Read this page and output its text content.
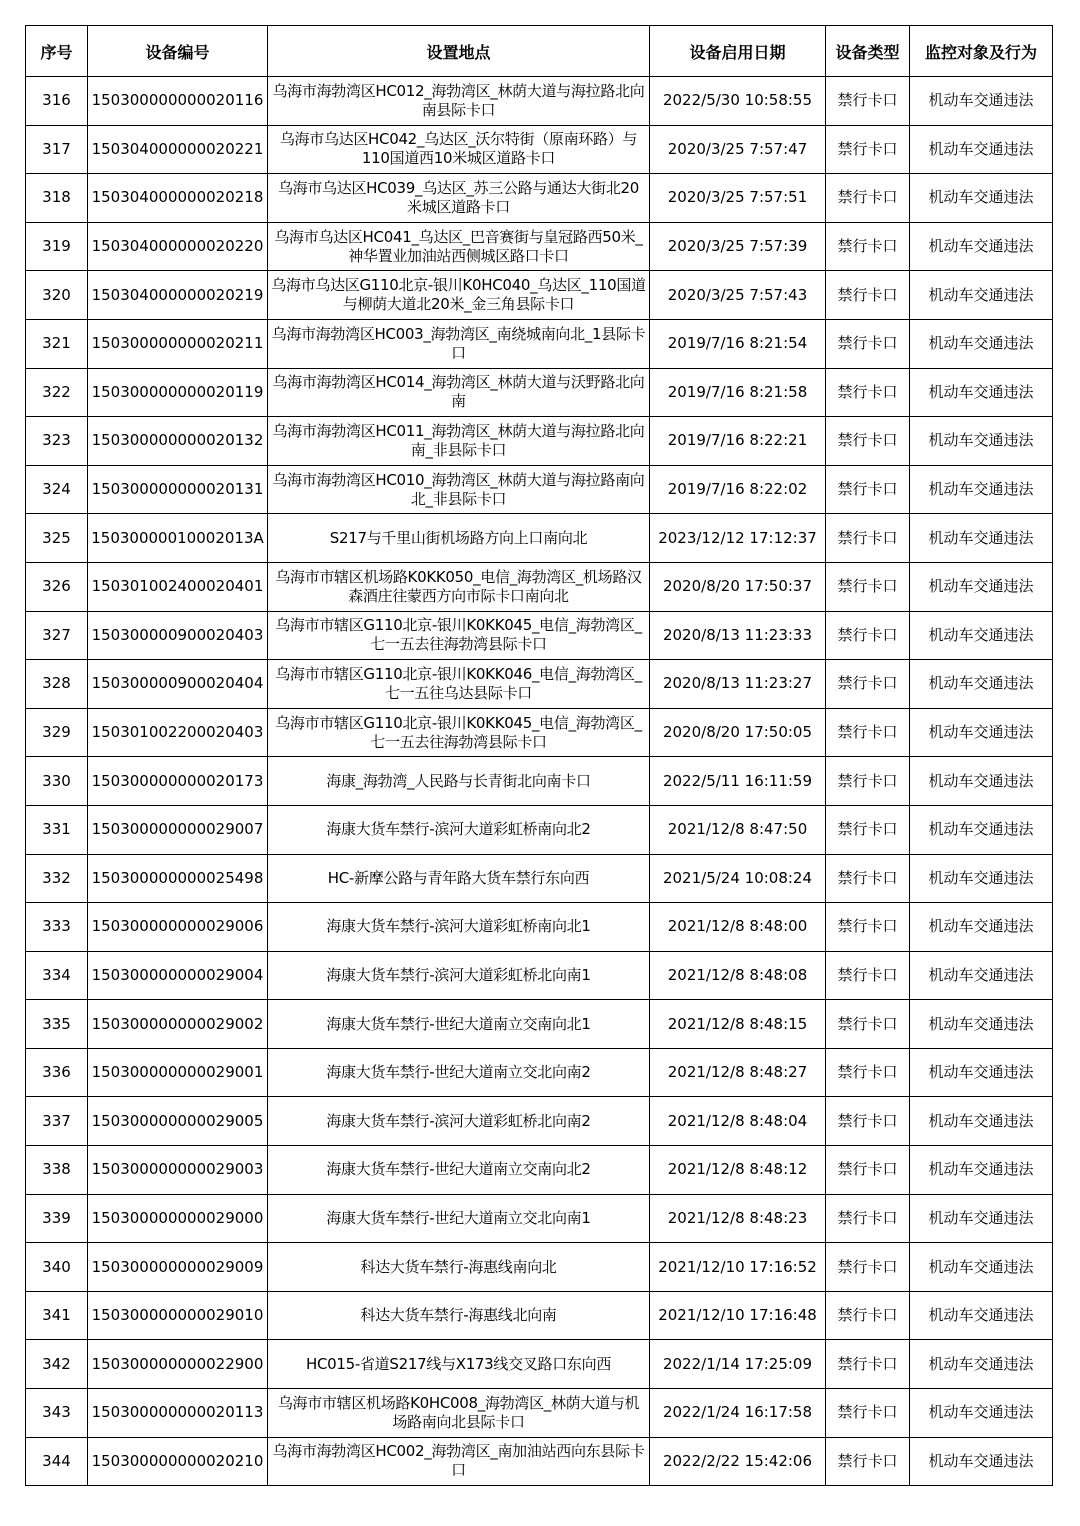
序号	设备编号	设置地点	设备启用日期	设备类型	监控对象及行为
316	150300000000020116	乌海市海勃湾区HC012_海勃湾区_林荫大道与海拉路北向南县际卡口	2022/5/30 10:58:55	禁行卡口	机动车交通违法
317	150304000000020221	乌海市乌达区HC042_乌达区_沃尔特街（原南环路）与110国道西10米城区道路卡口	2020/3/25 7:57:47	禁行卡口	机动车交通违法
318	150304000000020218	乌海市乌达区HC039_乌达区_苏三公路与通达大街北20米城区道路卡口	2020/3/25 7:57:51	禁行卡口	机动车交通违法
319	150304000000020220	乌海市乌达区HC041_乌达区_巴音赛街与皇冠路西50米_神华置业加油站西侧城区路口卡口	2020/3/25 7:57:39	禁行卡口	机动车交通违法
320	150304000000020219	乌海市乌达区G110北京-银川K0HC040_乌达区_110国道与柳荫大道北20米_金三角县际卡口	2020/3/25 7:57:43	禁行卡口	机动车交通违法
321	150300000000020211	乌海市海勃湾区HC003_海勃湾区_南绕城南向北_1县际卡口	2019/7/16 8:21:54	禁行卡口	机动车交通违法
322	150300000000020119	乌海市海勃湾区HC014_海勃湾区_林荫大道与沃野路北向南	2019/7/16 8:21:58	禁行卡口	机动车交通违法
323	150300000000020132	乌海市海勃湾区HC011_海勃湾区_林荫大道与海拉路北向南_非县际卡口	2019/7/16 8:22:21	禁行卡口	机动车交通违法
324	150300000000020131	乌海市海勃湾区HC010_海勃湾区_林荫大道与海拉路南向北_非县际卡口	2019/7/16 8:22:02	禁行卡口	机动车交通违法
325	15030000010002013A	S217与千里山街机场路方向上口南向北	2023/12/12 17:12:37	禁行卡口	机动车交通违法
326	150301002400020401	乌海市市辖区机场路K0KK050_电信_海勃湾区_机场路汉森酒庄往蒙西方向市际卡口南向北	2020/8/20 17:50:37	禁行卡口	机动车交通违法
327	150300000900020403	乌海市市辖区G110北京-银川K0KK045_电信_海勃湾区_七一五去往海勃湾县际卡口	2020/8/13 11:23:33	禁行卡口	机动车交通违法
328	150300000900020404	乌海市市辖区G110北京-银川K0KK046_电信_海勃湾区_七一五往乌达县际卡口	2020/8/13 11:23:27	禁行卡口	机动车交通违法
329	150301002200020403	乌海市市辖区G110北京-银川K0KK045_电信_海勃湾区_七一五去往海勃湾县际卡口	2020/8/20 17:50:05	禁行卡口	机动车交通违法
330	150300000000020173	海康_海勃湾_人民路与长青街北向南卡口	2022/5/11 16:11:59	禁行卡口	机动车交通违法
331	150300000000029007	海康大货车禁行-滨河大道彩虹桥南向北2	2021/12/8 8:47:50	禁行卡口	机动车交通违法
332	150300000000025498	HC-新摩公路与青年路大货车禁行东向西	2021/5/24 10:08:24	禁行卡口	机动车交通违法
333	150300000000029006	海康大货车禁行-滨河大道彩虹桥南向北1	2021/12/8 8:48:00	禁行卡口	机动车交通违法
334	150300000000029004	海康大货车禁行-滨河大道彩虹桥北向南1	2021/12/8 8:48:08	禁行卡口	机动车交通违法
335	150300000000029002	海康大货车禁行-世纪大道南立交南向北1	2021/12/8 8:48:15	禁行卡口	机动车交通违法
336	150300000000029001	海康大货车禁行-世纪大道南立交北向南2	2021/12/8 8:48:27	禁行卡口	机动车交通违法
337	150300000000029005	海康大货车禁行-滨河大道彩虹桥北向南2	2021/12/8 8:48:04	禁行卡口	机动车交通违法
338	150300000000029003	海康大货车禁行-世纪大道南立交南向北2	2021/12/8 8:48:12	禁行卡口	机动车交通违法
339	150300000000029000	海康大货车禁行-世纪大道南立交北向南1	2021/12/8 8:48:23	禁行卡口	机动车交通违法
340	150300000000029009	科达大货车禁行-海惠线南向北	2021/12/10 17:16:52	禁行卡口	机动车交通违法
341	150300000000029010	科达大货车禁行-海惠线北向南	2021/12/10 17:16:48	禁行卡口	机动车交通违法
342	150300000000022900	HC015-省道S217线与X173线交叉路口东向西	2022/1/14 17:25:09	禁行卡口	机动车交通违法
343	150300000000020113	乌海市市辖区机场路K0HC008_海勃湾区_林荫大道与机场路南向北县际卡口	2022/1/24 16:17:58	禁行卡口	机动车交通违法
344	150300000000020210	乌海市海勃湾区HC002_海勃湾区_南加油站西向东县际卡口	2022/2/22 15:42:06	禁行卡口	机动车交通违法
